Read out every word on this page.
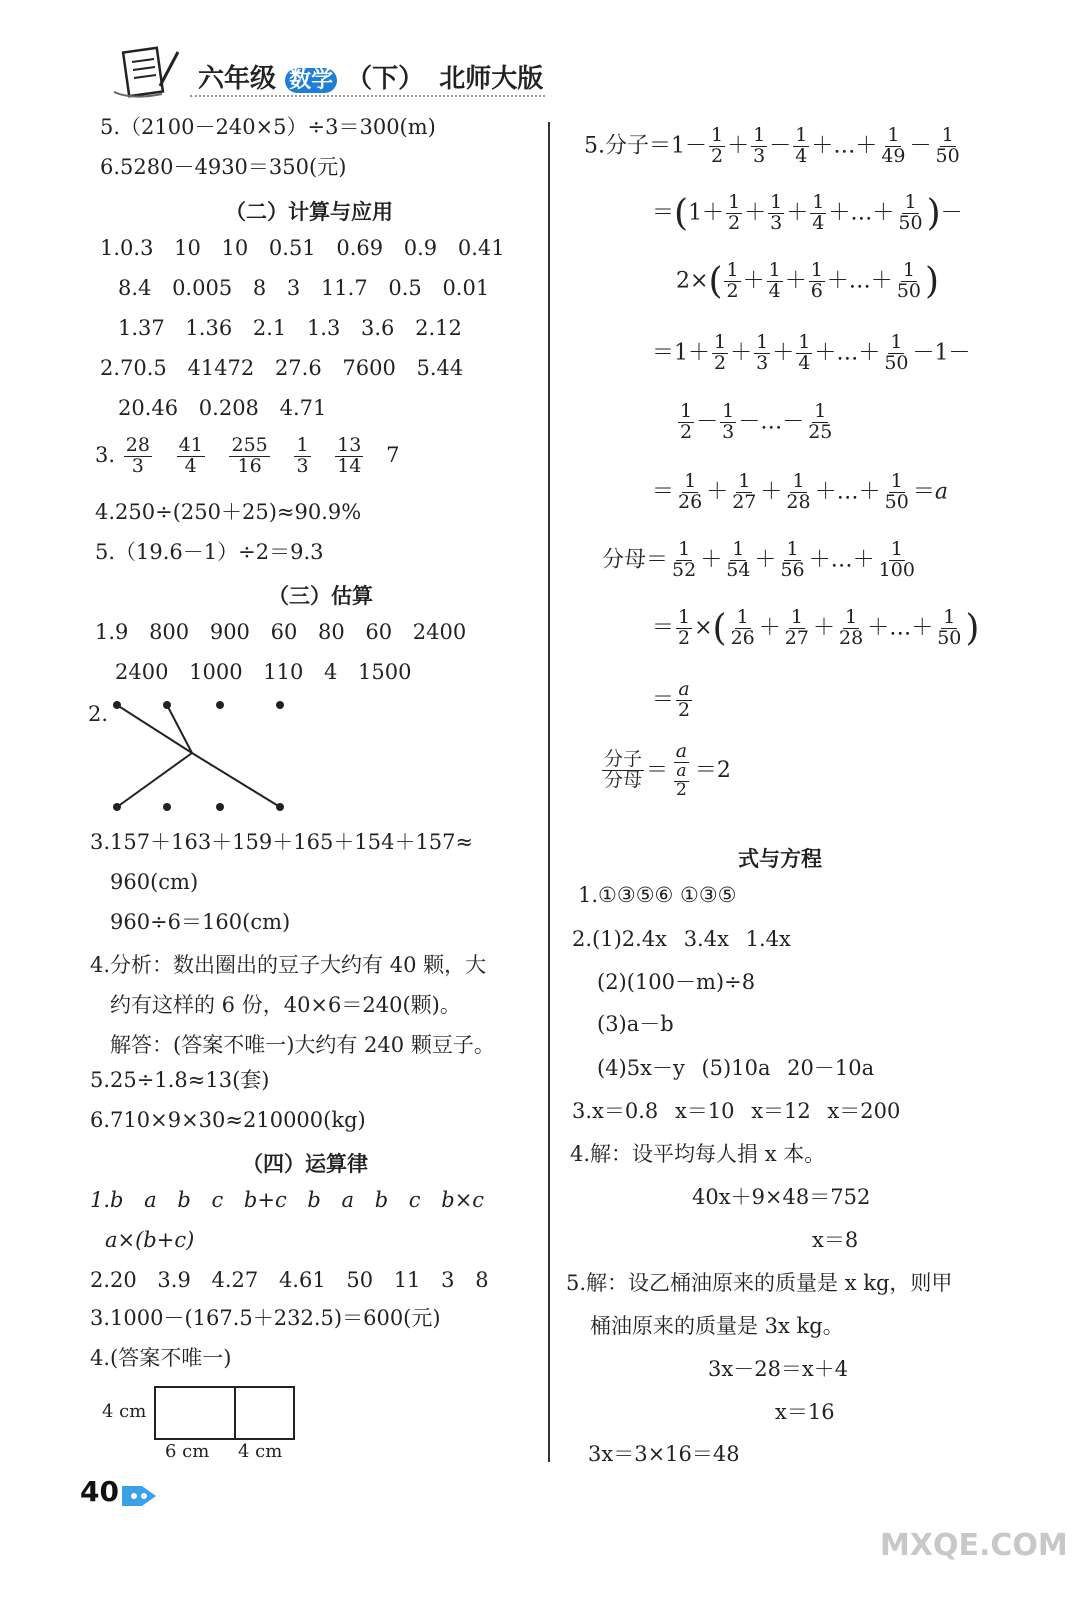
六年级 数学 （下） 北师大版
5.（2100－240×5）÷3＝300(m)
6.5280－4930＝350(元)
（二）计算与应用
1.0.3 10 10 0.51 0.69 0.9 0.41
8.4 0.005 8 3 11.7 0.5 0.01
1.37 1.36 2.1 1.3 3.6 2.12
2.70.5 41472 27.6 7600 5.44
20.46 0.208 4.71
3. $\frac{28}{3}$
$\frac{41}{4}$
$\frac{255}{16}$
$\frac{1}{3}$
$\frac{13}{14} 7$
4.250÷(250＋25)≈90.9%
5.（19.6－1）÷2＝9.3
（三）估算
1.9 800 900 60 80 60 2400
2400 1000 110 4 1500
2.
3.157＋163＋159＋165＋154＋157≈
960(cm)
960÷6＝160(cm)
4.分析：数出圈出的豆子大约有 40 颗，大
约有这样的 6 份，40×6＝240(颗)。
解答：(答案不唯一)大约有 240 颗豆子。
5.25÷1.8≈13(套)
6.710×9×30≈210000(kg)
（四）运算律
1.b a b c b+c b a b c b×c
a×(b+c)
2.20 3.9 4.27 4.61 50 11 3 8
3.1000－(167.5＋232.5)＝600(元)
4.(答案不唯一)
4 cm
6 cm 4 cm
5.分子$=1- \frac{1}{2} + \frac{1}{3} - \frac{1}{4}$ ＋…＋ $\frac{1}{49} - \frac{1}{50}$
$=(1+ \frac{1}{2} + \frac{1}{3} + \frac{1}{4}$ ＋…＋ $\frac{1}{50}$ )－
$2\times( \frac{1}{2} + \frac{1}{4} + \frac{1}{6}$ ＋…＋ $\frac{1}{50}$ )
$=1+ \frac{1}{2} + \frac{1}{3} + \frac{1}{4}$ ＋…＋ $\frac{1}{50} -1-$
$\frac{1}{2} - \frac{1}{3}$ －…－ $\frac{1}{25}$
＝ $\frac{1}{26} + \frac{1}{27} + \frac{1}{28}$ ＋…＋ $\frac{1}{50} =a$
分母＝ $\frac{1}{52} + \frac{1}{54} + \frac{1}{56}$ ＋…＋ $\frac{1}{100}$
＝ $\frac{1}{2}$ ×( $\frac{1}{26} + \frac{1}{27} + \frac{1}{28}$ ＋…＋ $\frac{1}{50}$ )
＝ $\frac{a}{2}$
$\frac{\text{分子}}{\text{分母}} = \frac{a}{\frac{a}{2}} =2$
式与方程
1.①③⑤⑥ ①③⑤
2.(1)2.4x 3.4x 1.4x
(2)(100－m)÷8
(3)a－b
(4)5x－y (5)10a 20－10a
3.x＝0.8 x＝10 x＝12 x＝200
4.解：设平均每人捐 x 本。
40x＋9×48＝752
x＝8
5.解：设乙桶油原来的质量是 x kg，则甲
桶油原来的质量是 3x kg。
3x－28＝x＋4
x＝16
3x＝3×16＝48
40
MXQE.COM
